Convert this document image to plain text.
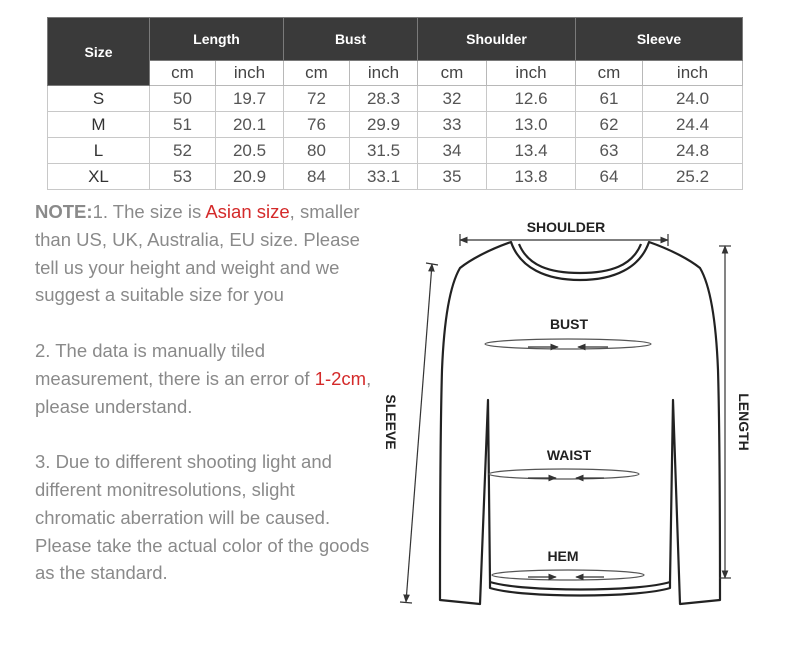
Size	Length		Bust		Shoulder		Sleeve	
	cm	inch	cm	inch	cm	inch	cm	inch
S	50	19.7	72	28.3	32	12.6	61	24.0
M	51	20.1	76	29.9	33	13.0	62	24.4
L	52	20.5	80	31.5	34	13.4	63	24.8
XL	53	20.9	84	33.1	35	13.8	64	25.2

NOTE:1. The size is Asian size, smaller than US, UK, Australia, EU size. Please tell us your height and weight and we suggest a suitable size for you

2. The data is manually tiled measurement, there is an error of 1-2cm, please understand.

3. Due to different shooting light and different monitresolutions, slight chromatic aberration will be caused. Please take the actual color of the goods as the standard.

SHOULDER
BUST
WAIST
HEM
SLEEVE	LENGTH
